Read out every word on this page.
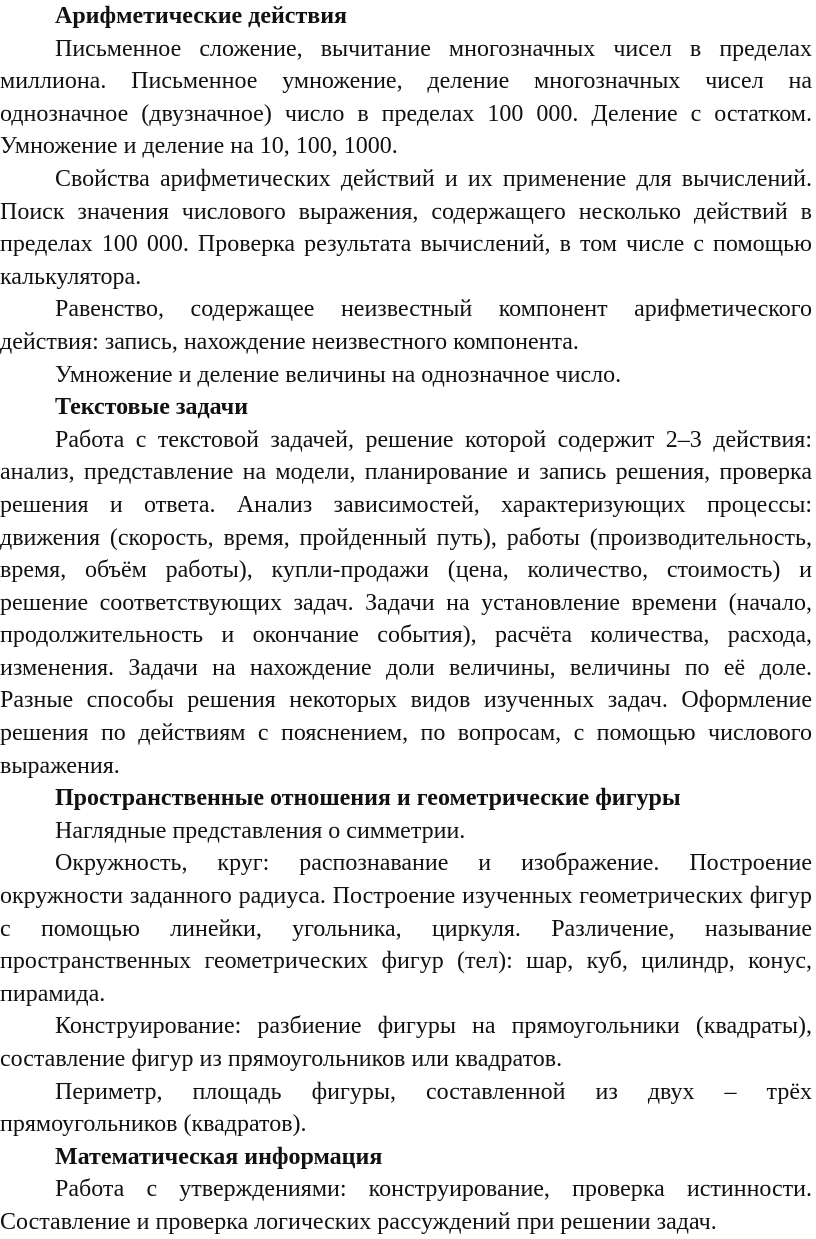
Арифметические действия

Письменное сложение, вычитание многозначных чисел в пределах миллиона. Письменное умножение, деление многозначных чисел на однозначное (двузначное) число в пределах 100 000. Деление с остатком. Умножение и деление на 10, 100, 1000.

Свойства арифметических действий и их применение для вычислений. Поиск значения числового выражения, содержащего несколько действий в пределах 100 000. Проверка результата вычислений, в том числе с помощью калькулятора.

Равенство, содержащее неизвестный компонент арифметического действия: запись, нахождение неизвестного компонента.

Умножение и деление величины на однозначное число.

Текстовые задачи

Работа с текстовой задачей, решение которой содержит 2–3 действия: анализ, представление на модели, планирование и запись решения, проверка решения и ответа. Анализ зависимостей, характеризующих процессы: движения (скорость, время, пройденный путь), работы (производительность, время, объём работы), купли-продажи (цена, количество, стоимость) и решение соответствующих задач. Задачи на установление времени (начало, продолжительность и окончание события), расчёта количества, расхода, изменения. Задачи на нахождение доли величины, величины по её доле. Разные способы решения некоторых видов изученных задач. Оформление решения по действиям с пояснением, по вопросам, с помощью числового выражения.

Пространственные отношения и геометрические фигуры

Наглядные представления о симметрии.

Окружность, круг: распознавание и изображение. Построение окружности заданного радиуса. Построение изученных геометрических фигур с помощью линейки, угольника, циркуля. Различение, называние пространственных геометрических фигур (тел): шар, куб, цилиндр, конус, пирамида.

Конструирование: разбиение фигуры на прямоугольники (квадраты), составление фигур из прямоугольников или квадратов.

Периметр, площадь фигуры, составленной из двух – трёх прямоугольников (квадратов).

Математическая информация

Работа с утверждениями: конструирование, проверка истинности. Составление и проверка логических рассуждений при решении задач.
